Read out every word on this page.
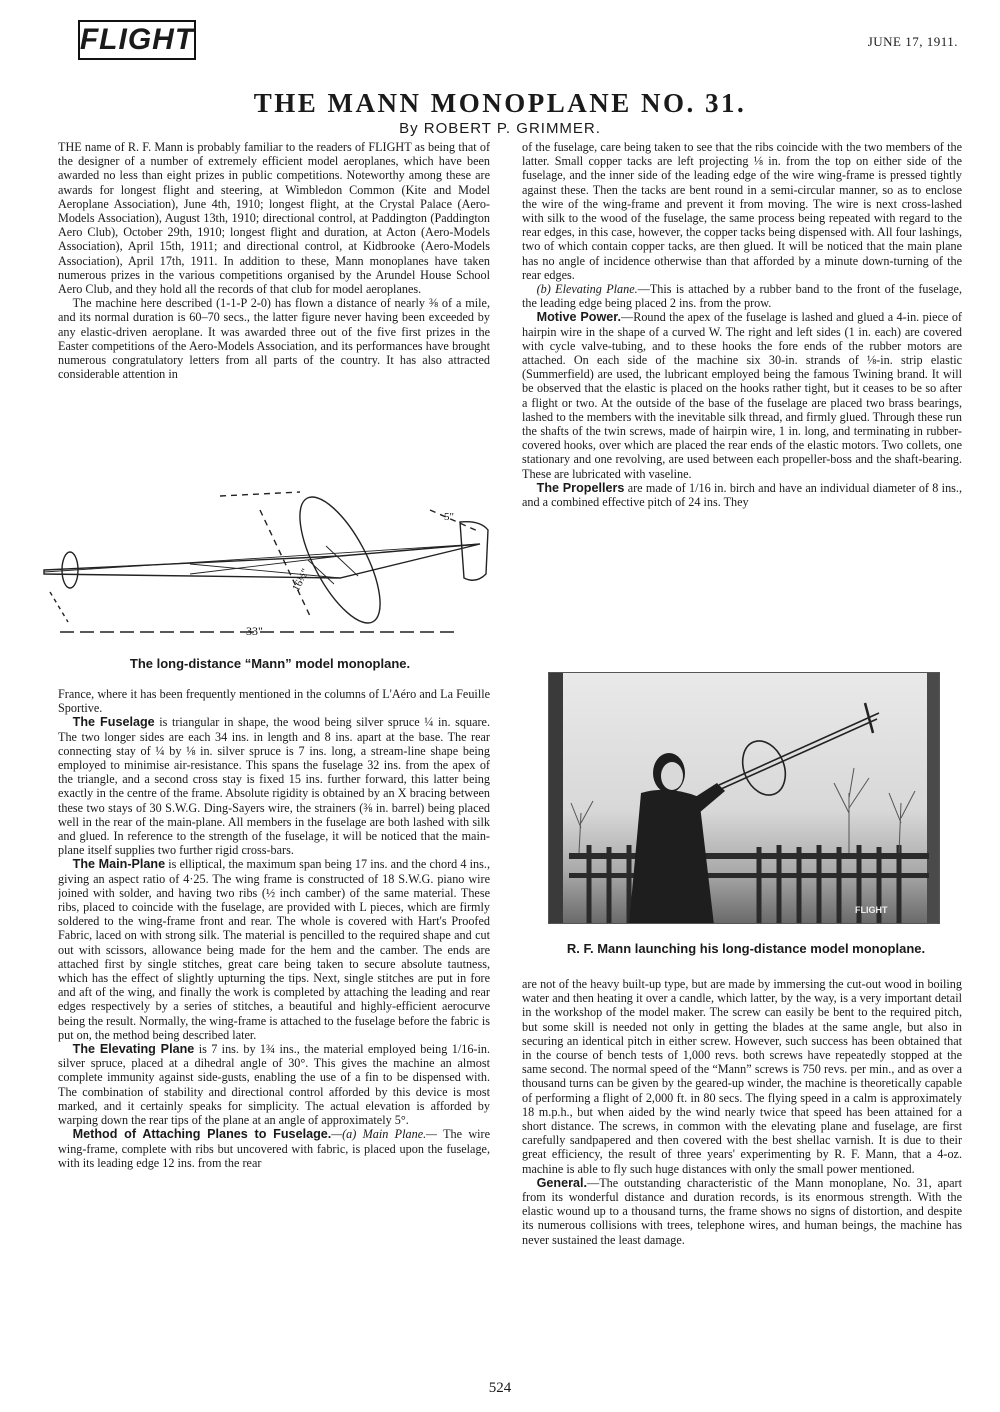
FLIGHT	JUNE 17, 1911.
THE MANN MONOPLANE NO. 31.
By ROBERT P. GRIMMER.

THE name of R. F. Mann is probably familiar to the readers of FLIGHT as being that of the designer of a number of extremely efficient model aeroplanes, which have been awarded no less than eight prizes in public competitions. Noteworthy among these are awards for longest flight and steering, at Wimbledon Common (Kite and Model Aeroplane Association), June 4th, 1910; longest flight, at the Crystal Palace (Aero-Models Association), August 13th, 1910; directional control, at Paddington (Paddington Aero Club), October 29th, 1910; longest flight and duration, at Acton (Aero-Models Association), April 15th, 1911; and directional control, at Kidbrooke (Aero-Models Association), April 17th, 1911. In addition to these, Mann monoplanes have taken numerous prizes in the various competitions organised by the Arundel House School Aero Club, and they hold all the records of that club for model aeroplanes.

The machine here described (1-1-P 2-0) has flown a distance of nearly ⅜ of a mile, and its normal duration is 60–70 secs., the latter figure never having been exceeded by any elastic-driven aeroplane. It was awarded three out of the five first prizes in the Easter competitions of the Aero-Models Association, and its performances have brought numerous congratulatory letters from all parts of the country. It has also attracted considerable attention in

33"
16½"
5"
The long-distance “Mann” model monoplane.

France, where it has been frequently mentioned in the columns of L'Aéro and La Feuille Sportive.

The Fuselage is triangular in shape, the wood being silver spruce ¼ in. square. The two longer sides are each 34 ins. in length and 8 ins. apart at the base. The rear connecting stay of ¼ by ⅛ in. silver spruce is 7 ins. long, a stream-line shape being employed to minimise air-resistance. This spans the fuselage 32 ins. from the apex of the triangle, and a second cross stay is fixed 15 ins. further forward, this latter being exactly in the centre of the frame. Absolute rigidity is obtained by an X bracing between these two stays of 30 S.W.G. Ding-Sayers wire, the strainers (⅜ in. barrel) being placed well in the rear of the main-plane. All members in the fuselage are both lashed with silk and glued. In reference to the strength of the fuselage, it will be noticed that the main-plane itself supplies two further rigid cross-bars.

The Main-Plane is elliptical, the maximum span being 17 ins. and the chord 4 ins., giving an aspect ratio of 4·25. The wing frame is constructed of 18 S.W.G. piano wire joined with solder, and having two ribs (½ inch camber) of the same material. These ribs, placed to coincide with the fuselage, are provided with L pieces, which are firmly soldered to the wing-frame front and rear. The whole is covered with Hart's Proofed Fabric, laced on with strong silk. The material is pencilled to the required shape and cut out with scissors, allowance being made for the hem and the camber. The ends are attached first by single stitches, great care being taken to secure absolute tautness, which has the effect of slightly upturning the tips. Next, single stitches are put in fore and aft of the wing, and finally the work is completed by attaching the leading and rear edges respectively by a series of stitches, a beautiful and highly-efficient aerocurve being the result. Normally, the wing-frame is attached to the fuselage before the fabric is put on, the method being described later.

The Elevating Plane is 7 ins. by 1¾ ins., the material employed being 1/16-in. silver spruce, placed at a dihedral angle of 30°. This gives the machine an almost complete immunity against side-gusts, enabling the use of a fin to be dispensed with. The combination of stability and directional control afforded by this device is most marked, and it certainly speaks for simplicity. The actual elevation is afforded by warping down the rear tips of the plane at an angle of approximately 5°.

Method of Attaching Planes to Fuselage.—(a) Main Plane.— The wire wing-frame, complete with ribs but uncovered with fabric, is placed upon the fuselage, with its leading edge 12 ins. from the rear

of the fuselage, care being taken to see that the ribs coincide with the two members of the latter. Small copper tacks are left projecting ⅛ in. from the top on either side of the fuselage, and the inner side of the leading edge of the wire wing-frame is pressed tightly against these. Then the tacks are bent round in a semi-circular manner, so as to enclose the wire of the wing-frame and prevent it from moving. The wire is next cross-lashed with silk to the wood of the fuselage, the same process being repeated with regard to the rear edges, in this case, however, the copper tacks being dispensed with. All four lashings, two of which contain copper tacks, are then glued. It will be noticed that the main plane has no angle of incidence otherwise than that afforded by a minute down-turning of the rear edges.

(b) Elevating Plane.—This is attached by a rubber band to the front of the fuselage, the leading edge being placed 2 ins. from the prow.

Motive Power.—Round the apex of the fuselage is lashed and glued a 4-in. piece of hairpin wire in the shape of a curved W. The right and left sides (1 in. each) are covered with cycle valve-tubing, and to these hooks the fore ends of the rubber motors are attached. On each side of the machine six 30-in. strands of ⅛-in. strip elastic (Summerfield) are used, the lubricant employed being the famous Twining brand. It will be observed that the elastic is placed on the hooks rather tight, but it ceases to be so after a flight or two. At the outside of the base of the fuselage are placed two brass bearings, lashed to the members with the inevitable silk thread, and firmly glued. Through these run the shafts of the twin screws, made of hairpin wire, 1 in. long, and terminating in rubber-covered hooks, over which are placed the rear ends of the elastic motors. Two collets, one stationary and one revolving, are used between each propeller-boss and the shaft-bearing. These are lubricated with vaseline.

The Propellers are made of 1/16 in. birch and have an individual diameter of 8 ins., and a combined effective pitch of 24 ins. They

FLIGHT
R. F. Mann launching his long-distance model monoplane.

are not of the heavy built-up type, but are made by immersing the cut-out wood in boiling water and then heating it over a candle, which latter, by the way, is a very important detail in the workshop of the model maker. The screw can easily be bent to the required pitch, but some skill is needed not only in getting the blades at the same angle, but also in securing an identical pitch in either screw. However, such success has been obtained that in the course of bench tests of 1,000 revs. both screws have repeatedly stopped at the same second. The normal speed of the “Mann” screws is 750 revs. per min., and as over a thousand turns can be given by the geared-up winder, the machine is theoretically capable of performing a flight of 2,000 ft. in 80 secs. The flying speed in a calm is approximately 18 m.p.h., but when aided by the wind nearly twice that speed has been attained for a short distance. The screws, in common with the elevating plane and fuselage, are first carefully sandpapered and then covered with the best shellac varnish. It is due to their great efficiency, the result of three years' experimenting by R. F. Mann, that a 4-oz. machine is able to fly such huge distances with only the small power mentioned.

General.—The outstanding characteristic of the Mann monoplane, No. 31, apart from its wonderful distance and duration records, is its enormous strength. With the elastic wound up to a thousand turns, the frame shows no signs of distortion, and despite its numerous collisions with trees, telephone wires, and human beings, the machine has never sustained the least damage.

524
